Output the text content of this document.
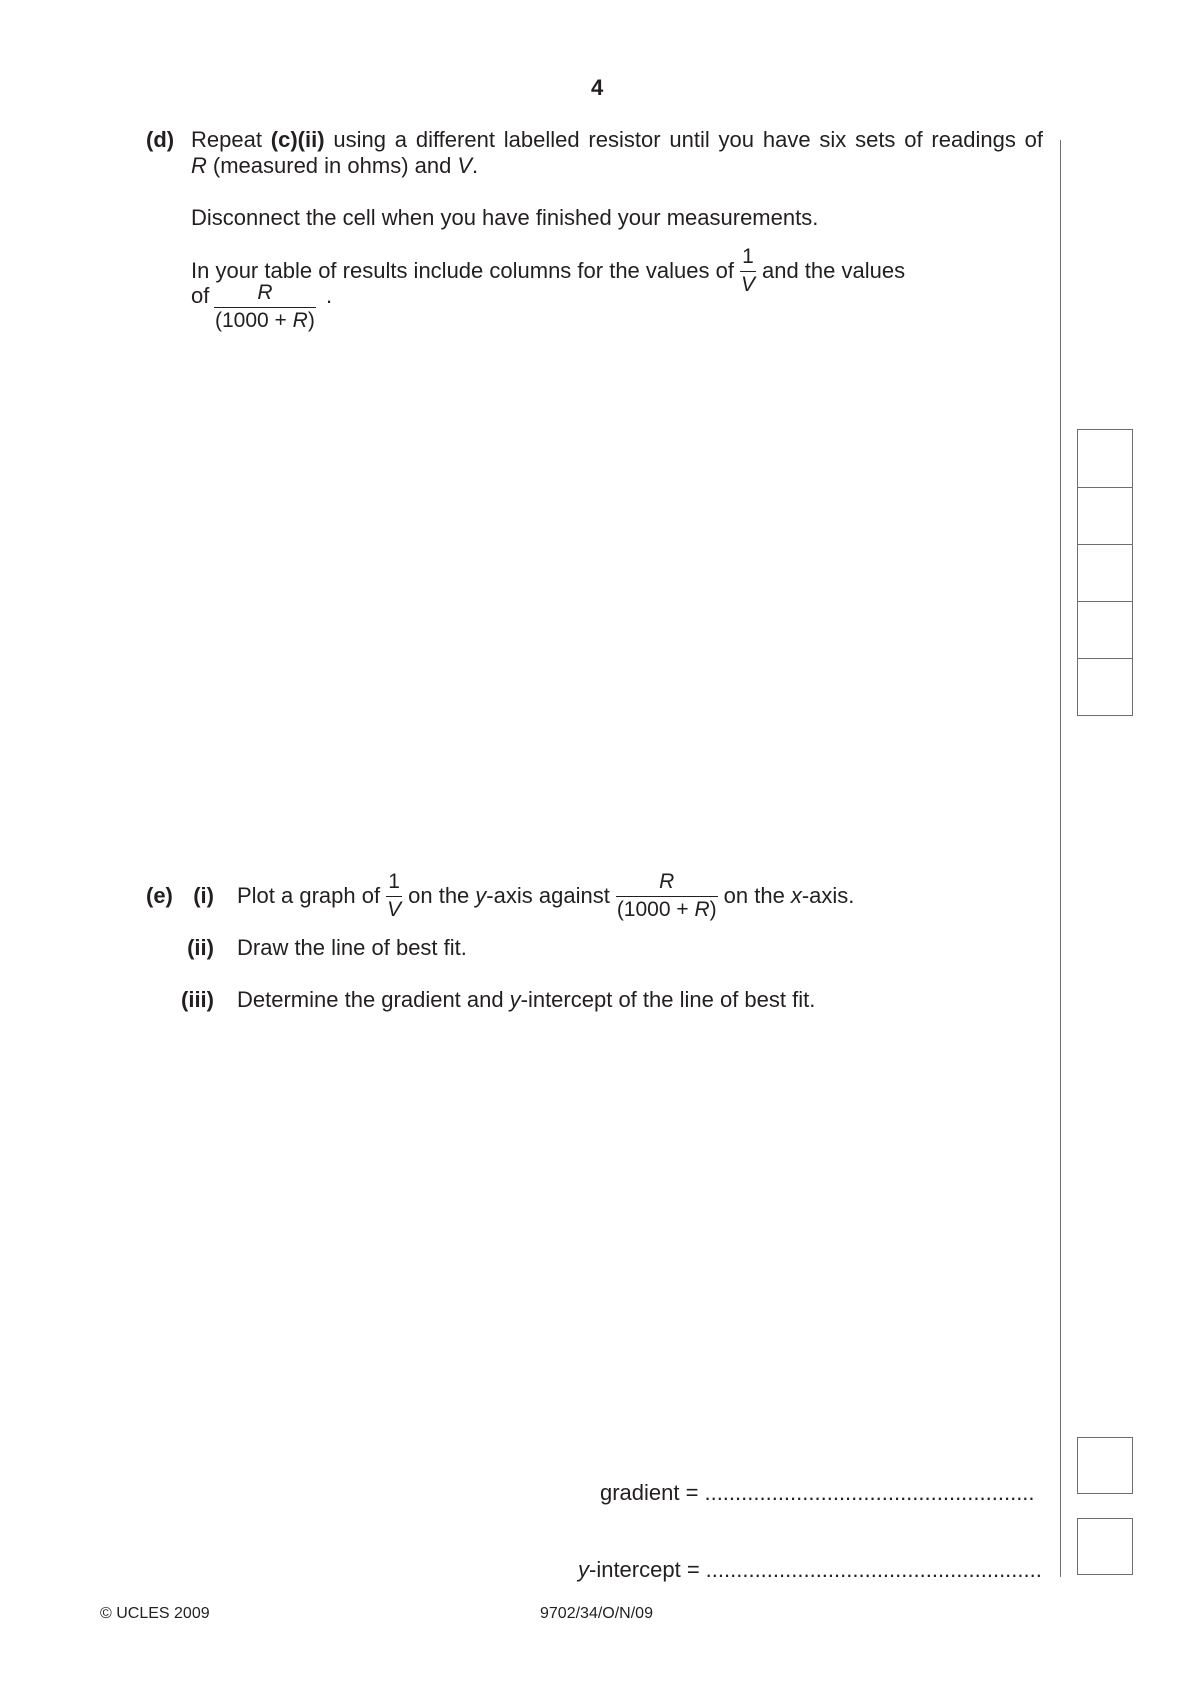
4
(d) Repeat (c)(ii) using a different labelled resistor until you have six sets of readings of
R (measured in ohms) and V.
Disconnect the cell when you have finished your measurements.
In your table of results include columns for the values of $\frac{1}{V}$ and the values
of R
(1000 + R)
.
(e) (i) Plot a graph of $\frac{1}{V}$ on the y-axis against $\frac{R}{(1000 + R)}$ on the x-axis.
(ii) Draw the line of best fit.
(iii) Determine the gradient and y-intercept of the line of best fit.
gradient = ......................................................
y-intercept = .......................................................
© UCLES 2009	9702/34/O/N/09
